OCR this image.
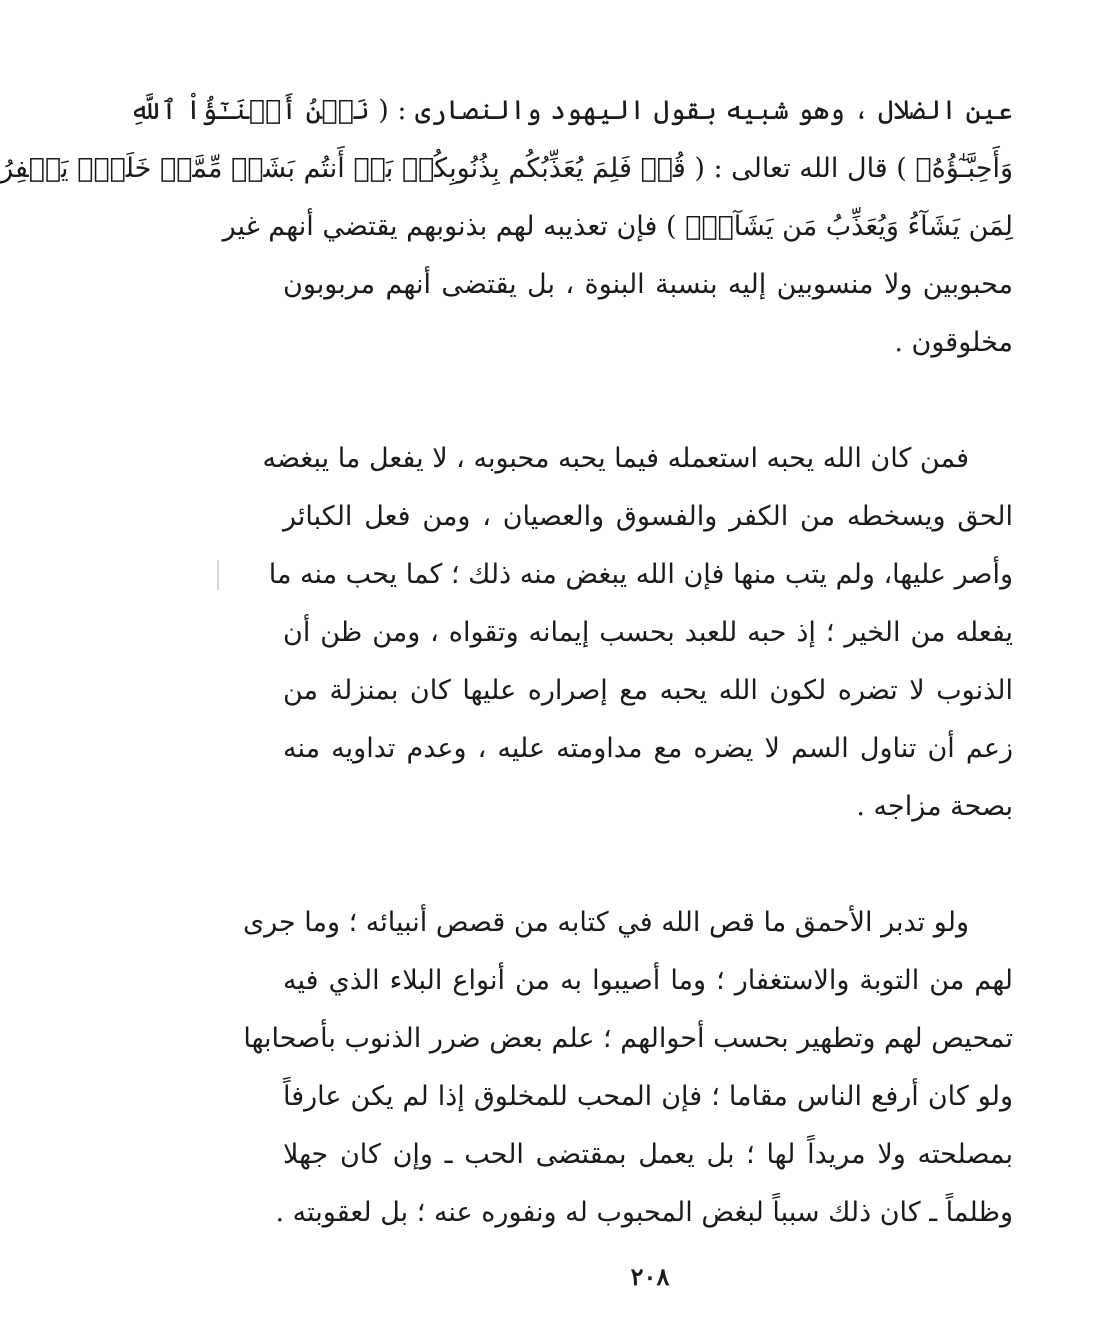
عين الضلال ، وهو شبيه بقول اليهود والنصارى : ( نَحۡنُ أَبۡنَـٰٓؤُاْ ٱللَّهِ
وَأَحِبَّـٰٓؤُهُۥ ) قال الله تعالى : ( قُلۡ فَلِمَ يُعَذِّبُكُم بِذُنُوبِكُمۖ بَلۡ أَنتُم بَشَرٞ مِّمَّنۡ خَلَقَۚ يَغۡفِرُ
لِمَن يَشَآءُ وَيُعَذِّبُ مَن يَشَآءُۚ ) فإن تعذيبه لهم بذنوبهم يقتضي أنهم غير
محبوبين ولا منسوبين إليه بنسبة البنوة ، بل يقتضى أنهم مربوبون
مخلوقون .
فمن كان الله يحبه استعمله فيما يحبه محبوبه ، لا يفعل ما يبغضه
الحق ويسخطه من الكفر والفسوق والعصيان ، ومن فعل الكبائر
وأصر عليها، ولم يتب منها فإن الله يبغض منه ذلك ؛ كما يحب منه ما
يفعله من الخير ؛ إذ حبه للعبد بحسب إيمانه وتقواه ، ومن ظن أن
الذنوب لا تضره لكون الله يحبه مع إصراره عليها كان بمنزلة من
زعم أن تناول السم لا يضره مع مداومته عليه ، وعدم تداويه منه
بصحة مزاجه .
ولو تدبر الأحمق ما قص الله في كتابه من قصص أنبيائه ؛ وما جرى
لهم من التوبة والاستغفار ؛ وما أصيبوا به من أنواع البلاء الذي فيه
تمحيص لهم وتطهير بحسب أحوالهم ؛ علم بعض ضرر الذنوب بأصحابها
ولو كان أرفع الناس مقاما ؛ فإن المحب للمخلوق إذا لم يكن عارفاً
بمصلحته ولا مريداً لها ؛ بل يعمل بمقتضى الحب ـ وإن كان جهلا
وظلماً ـ كان ذلك سبباً لبغض المحبوب له ونفوره عنه ؛ بل لعقوبته .
٢٠٨
